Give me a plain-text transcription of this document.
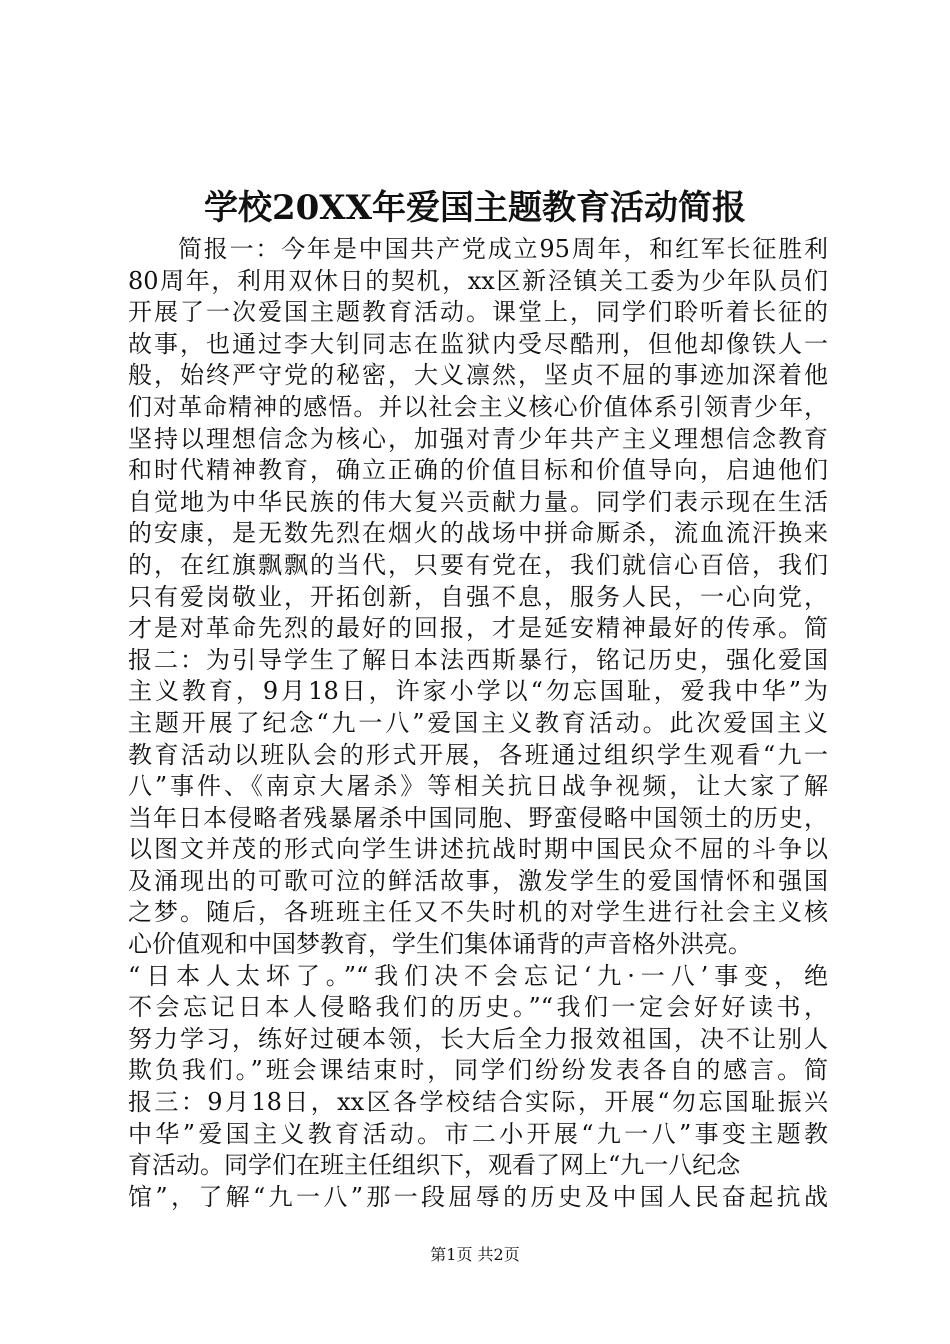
学校20XX年爱国主题教育活动简报
简报一：今年是中国共产党成立95周年，和红军长征胜利
80周年，利用双休日的契机，xx区新泾镇关工委为少年队员们
开展了一次爱国主题教育活动。课堂上，同学们聆听着长征的
故事，也通过李大钊同志在监狱内受尽酷刑，但他却像铁人一
般，始终严守党的秘密，大义凛然，坚贞不屈的事迹加深着他
们对革命精神的感悟。并以社会主义核心价值体系引领青少年，
坚持以理想信念为核心，加强对青少年共产主义理想信念教育
和时代精神教育，确立正确的价值目标和价值导向，启迪他们
自觉地为中华民族的伟大复兴贡献力量。同学们表示现在生活
的安康，是无数先烈在烟火的战场中拼命厮杀，流血流汗换来
的，在红旗飘飘的当代，只要有党在，我们就信心百倍，我们
只有爱岗敬业，开拓创新，自强不息，服务人民，一心向党，
才是对革命先烈的最好的回报，才是延安精神最好的传承。简
报二：为引导学生了解日本法西斯暴行，铭记历史，强化爱国
主义教育，9月18日，许家小学以“勿忘国耻，爱我中华”为
主题开展了纪念“九一八”爱国主义教育活动。此次爱国主义
教育活动以班队会的形式开展，各班通过组织学生观看“九一
八”事件、《南京大屠杀》等相关抗日战争视频，让大家了解
当年日本侵略者残暴屠杀中国同胞、野蛮侵略中国领土的历史，
以图文并茂的形式向学生讲述抗战时期中国民众不屈的斗争以
及涌现出的可歌可泣的鲜活故事，激发学生的爱国情怀和强国
之梦。随后，各班班主任又不失时机的对学生进行社会主义核
心价值观和中国梦教育，学生们集体诵背的声音格外洪亮。
“日本人太坏了。”“我们决不会忘记‘九·一八’事变，绝
不会忘记日本人侵略我们的历史。”“我们一定会好好读书，
努力学习，练好过硬本领，长大后全力报效祖国，决不让别人
欺负我们。”班会课结束时，同学们纷纷发表各自的感言。简
报三：9月18日，xx区各学校结合实际，开展“勿忘国耻振兴
中华”爱国主义教育活动。市二小开展“九一八”事变主题教
育活动。同学们在班主任组织下，观看了网上“九一八纪念
馆”，了解“九一八”那一段屈辱的历史及中国人民奋起抗战
第1页 共2页
